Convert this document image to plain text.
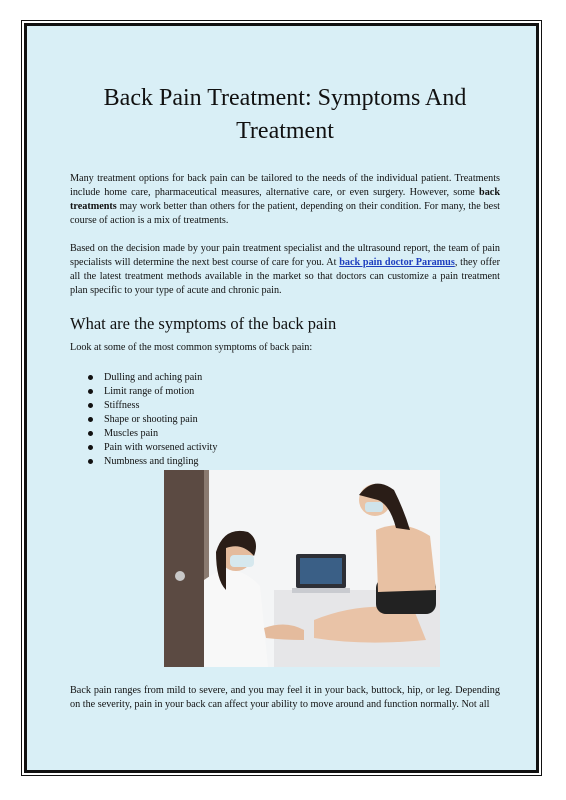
Back Pain Treatment: Symptoms And Treatment

Many treatment options for back pain can be tailored to the needs of the individual patient. Treatments include home care, pharmaceutical measures, alternative care, or even surgery. However, some back treatments may work better than others for the patient, depending on their condition. For many, the best course of action is a mix of treatments.

Based on the decision made by your pain treatment specialist and the ultrasound report, the team of pain specialists will determine the next best course of care for you. At back pain doctor Paramus, they offer all the latest treatment methods available in the market so that doctors can customize a pain treatment plan specific to your type of acute and chronic pain.

What are the symptoms of the back pain

Look at some of the most common symptoms of back pain:

Dulling and aching pain
Limit range of motion
Stiffness
Shape or shooting pain
Muscles pain
Pain with worsened activity
Numbness and tingling

Back pain ranges from mild to severe, and you may feel it in your back, buttock, hip, or leg. Depending on the severity, pain in your back can affect your ability to move around and function normally. Not all
